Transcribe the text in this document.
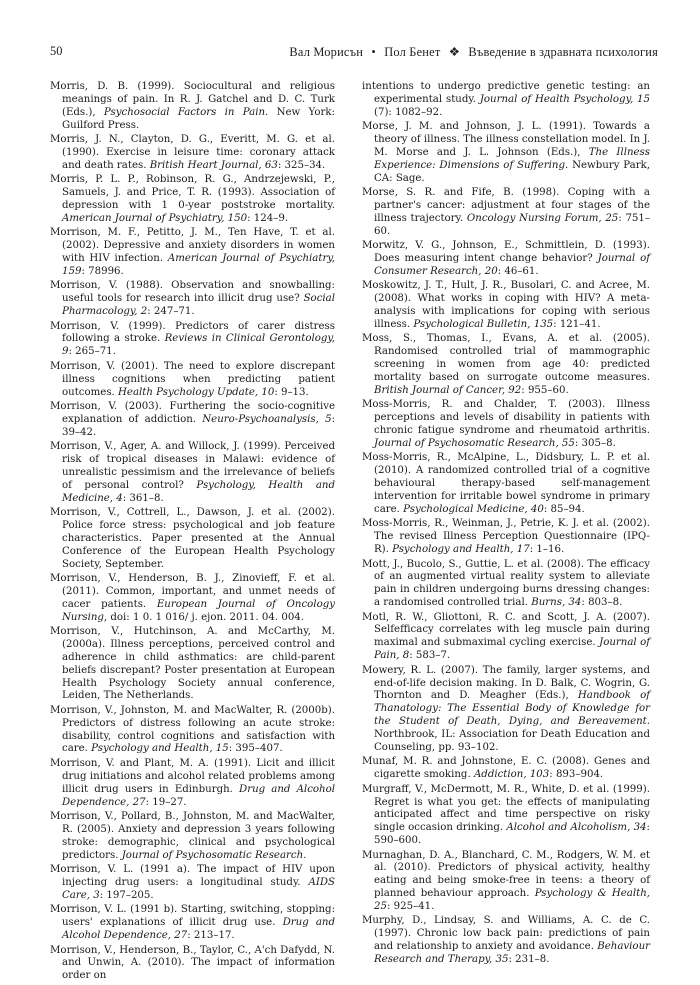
50	Вал Морисън • Пол Бенет ❖ Въведение в здравната психология

Morris, D. B. (1999). Sociocultural and religious meanings of pain. In R. J. Gatchel and D. C. Turk (Eds.), Psychosocial Factors in Pain. New York: Guilford Press.

Morris, J. N., Clayton, D. G., Everitt, M. G. et al. (1990). Exercise in leisure time: coronary attack and death rates. British Heart Journal, 63: 325–34.

Morris, P. L. P., Robinson, R. G., Andrzejewski, P., Samuels, J. and Price, T. R. (1993). Association of depression with 1 0-year poststroke mortality. American Journal of Psychiatry, 150: 124–9.

Morrison, M. F., Petitto, J. M., Ten Have, T. et al. (2002). Depressive and anxiety disorders in women with HIV infection. American Journal of Psychiatry, 159: 78996.

Morrison, V. (1988). Observation and snowballing: useful tools for research into illicit drug use? Social Pharmacology, 2: 247–71.

Morrison, V. (1999). Predictors of carer distress following a stroke. Reviews in Clinical Gerontology, 9: 265–71.

Morrison, V. (2001). The need to explore discrepant illness cognitions when predicting patient outcomes. Health Psychology Update, 10: 9–13.

Morrison, V. (2003). Furthering the socio-cognitive explanation of addiction. Neuro-Psychoanalysis, 5: 39–42.

Morrison, V., Ager, A. and Willock, J. (1999). Perceived risk of tropical diseases in Malawi: evidence of unrealistic pessimism and the irrelevance of beliefs of personal control? Psychology, Health and Medicine, 4: 361–8.

Morrison, V., Cottrell, L., Dawson, J. et al. (2002). Police force stress: psychological and job feature characteristics. Paper presented at the Annual Conference of the European Health Psychology Society, September.

Morrison, V., Henderson, B. J., Zinovieff, F. et al. (2011). Common, important, and unmet needs of cacer patients. European Journal of Oncology Nursing, doi: 1 0. 1 016/ j. ejon. 2011. 04. 004.

Morrison, V., Hutchinson, A. and McCarthy, M. (2000a). Illness perceptions, perceived control and adherence in child asthmatics: are child-parent beliefs discrepant? Poster presentation at European Health Psychology Society annual conference, Leiden, The Netherlands.

Morrison, V., Johnston, M. and MacWalter, R. (2000b). Predictors of distress following an acute stroke: disability, control cognitions and satisfaction with care. Psychology and Health, 15: 395–407.

Morrison, V. and Plant, M. A. (1991). Licit and illicit drug initiations and alcohol related problems among illicit drug users in Edinburgh. Drug and Alcohol Dependence, 27: 19–27.

Morrison, V., Pollard, B., Johnston, M. and MacWalter, R. (2005). Anxiety and depression 3 years following stroke: demographic, clinical and psychological predictors. Journal of Psychosomatic Research.

Morrison, V. L. (1991 a). The impact of HIV upon injecting drug users: a longitudinal study. AIDS Care, 3: 197–205.

Morrison, V. L. (1991 b). Starting, switching, stopping: users' explanations of illicit drug use. Drug and Alcohol Dependence, 27: 213–17.

Morrison, V., Henderson, B., Taylor, C., A'ch Dafydd, N. and Unwin, A. (2010). The impact of information order on

intentions to undergo predictive genetic testing: an experimental study. Journal of Health Psychology, 15 (7): 1082–92.

Morse, J. M. and Johnson, J. L. (1991). Towards a theory of illness. The illness constellation model. In J. M. Morse and J. L. Johnson (Eds.), The Illness Experience: Dimensions of Suffering. Newbury Park, CA: Sage.

Morse, S. R. and Fife, B. (1998). Coping with a partner's cancer: adjustment at four stages of the illness trajectory. Oncology Nursing Forum, 25: 751–60.

Morwitz, V. G., Johnson, E., Schmittlein, D. (1993). Does measuring intent change behavior? Journal of Consumer Research, 20: 46–61.

Moskowitz, J. T., Hult, J. R., Busolari, C. and Acree, M. (2008). What works in coping with HIV? A meta-analysis with implications for coping with serious illness. Psychological Bulletin, 135: 121–41.

Moss, S., Thomas, I., Evans, A. et al. (2005). Randomised controlled trial of mammographic screening in women from age 40: predicted mortality based on surrogate outcome measures. British Journal of Cancer, 92: 955–60.

Moss-Morris, R. and Chalder, T. (2003). Illness perceptions and levels of disability in patients with chronic fatigue syndrome and rheumatoid arthritis. Journal of Psychosomatic Research, 55: 305–8.

Moss-Morris, R., McAlpine, L., Didsbury, L. P. et al. (2010). A randomized controlled trial of a cognitive behavioural therapy-based self-management intervention for irritable bowel syndrome in primary care. Psychological Medicine, 40: 85–94.

Moss-Morris, R., Weinman, J., Petrie, K. J. et al. (2002). The revised Illness Perception Questionnaire (IPQ-R). Psychology and Health, 17: 1–16.

Mott, J., Bucolo, S., Guttie, L. et al. (2008). The efficacy of an augmented virtual reality system to alleviate pain in children undergoing burns dressing changes: a randomised controlled trial. Burns, 34: 803–8.

Motl, R. W., Gliottoni, R. C. and Scott, J. A. (2007). Selfefficacy correlates with leg muscle pain during maximal and submaximal cycling exercise. Journal of Pain, 8: 583–7.

Mowery, R. L. (2007). The family, larger systems, and end-of-life decision making. In D. Balk, C. Wogrin, G. Thornton and D. Meagher (Eds.), Handbook of Thanatology: The Essential Body of Knowledge for the Student of Death, Dying, and Bereavement. Northbrook, IL: Association for Death Education and Counseling, pp. 93–102.

Munaf, M. R. and Johnstone, E. C. (2008). Genes and cigarette smoking. Addiction, 103: 893–904.

Murgraff, V., McDermott, M. R., White, D. et al. (1999). Regret is what you get: the effects of manipulating anticipated affect and time perspective on risky single occasion drinking. Alcohol and Alcoholism, 34: 590–600.

Murnaghan, D. A., Blanchard, C. M., Rodgers, W. M. et al. (2010). Predictors of physical activity, healthy eating and being smoke-free in teens: a theory of planned behaviour approach. Psychology & Health, 25: 925–41.

Murphy, D., Lindsay, S. and Williams, A. C. de C. (1997). Chronic low back pain: predictions of pain and relationship to anxiety and avoidance. Behaviour Research and Therapy, 35: 231–8.
